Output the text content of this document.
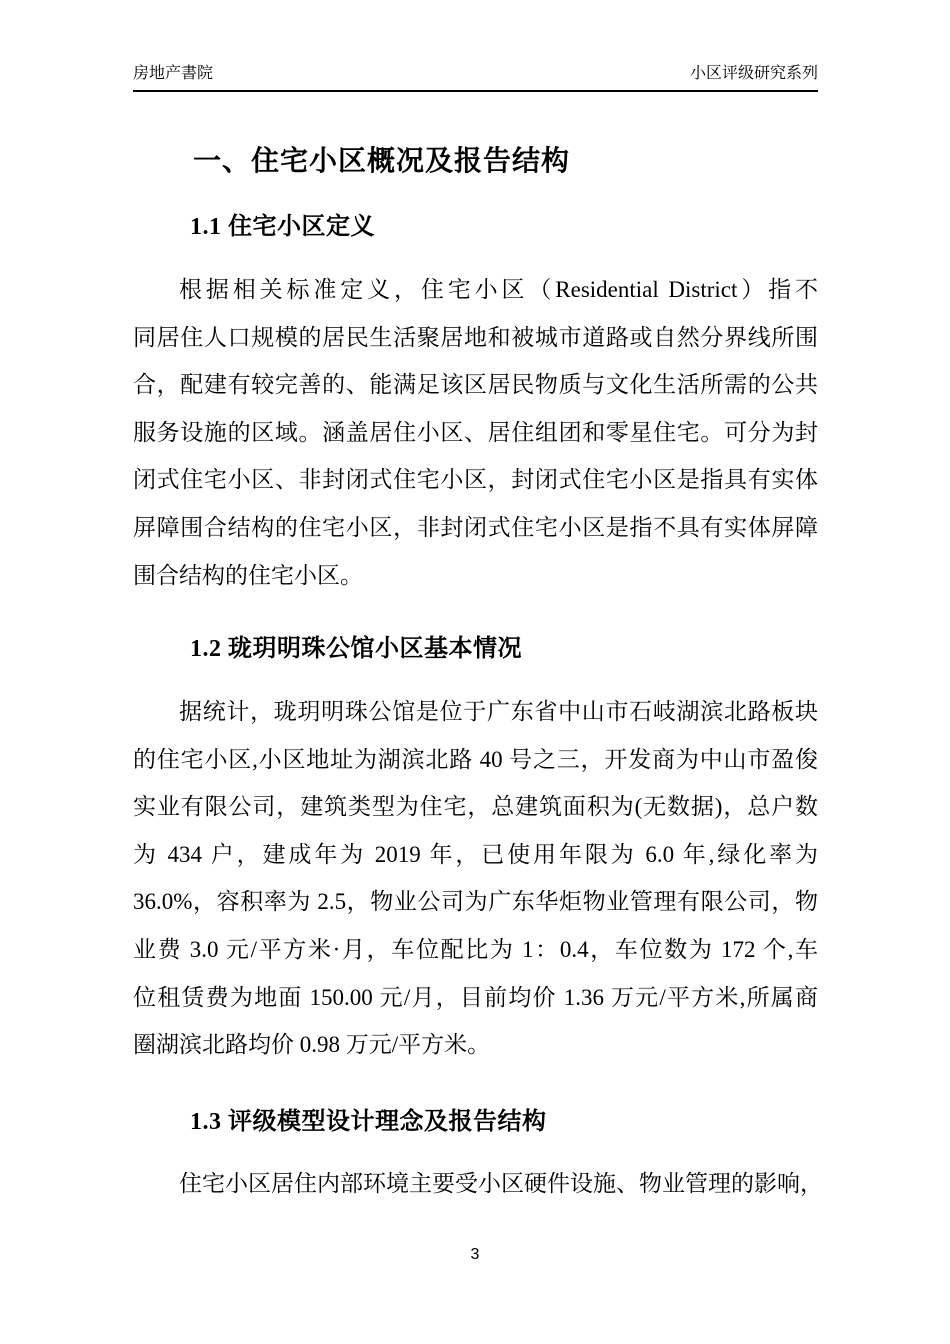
房地产書院	小区评级研究系列
一、住宅小区概况及报告结构
1.1 住宅小区定义
根据相关标准定义，住宅小区（Residential District）指不
同居住人口规模的居民生活聚居地和被城市道路或自然分界线所围
合，配建有较完善的、能满足该区居民物质与文化生活所需的公共
服务设施的区域。涵盖居住小区、居住组团和零星住宅。可分为封
闭式住宅小区、非封闭式住宅小区，封闭式住宅小区是指具有实体
屏障围合结构的住宅小区，非封闭式住宅小区是指不具有实体屏障
围合结构的住宅小区。
1.2 珑玥明珠公馆小区基本情况
据统计，珑玥明珠公馆是位于广东省中山市石岐湖滨北路板块
的住宅小区,小区地址为湖滨北路 40 号之三，开发商为中山市盈俊
实业有限公司，建筑类型为住宅，总建筑面积为(无数据)，总户数
为 434 户，建成年为 2019 年，已使用年限为 6.0 年,绿化率为
36.0%，容积率为 2.5，物业公司为广东华炬物业管理有限公司，物
业费 3.0 元/平方米·月，车位配比为 1：0.4，车位数为 172 个,车
位租赁费为地面 150.00 元/月，目前均价 1.36 万元/平方米,所属商
圈湖滨北路均价 0.98 万元/平方米。
1.3 评级模型设计理念及报告结构
住宅小区居住内部环境主要受小区硬件设施、物业管理的影响，
3
